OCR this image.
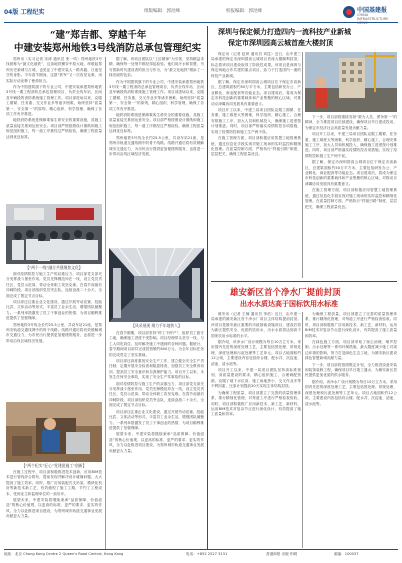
04版 工程纪实	组版编辑：郭昆峰	校报编辑：郭昆峰	中国基建报
CHINA INFRASTRUCTURE NEWS
“建”郑吉都、穿越千年
中建安装郑州地铁3号线消防总承包管理纪实

郑州讯（实习记者 宋涛 通讯员 张一鸣）郑州地铁3号线被称为“最文化地铁”，这条地铁横穿中原大地，串联起郑州历史新城与古城，也见证了中建安装人一路奔跑、日夜坚守的身影。今年春节期间，这群“铁军”又一次攻坚克难，用实际行动诠释了使命担当。

作为中国建筑旗下的专业公司，中建安装承建郑州地铁3号线一期工程消防总承包管理项目，负责全线车站、区间及车辆段的消防系统施工管理工作。项目部进场以来，克服工期紧、任务重、交叉作业多等诸多困难，始终坚持“质量第一、安全第一”的原则，精心组织、科学管理，确保了各项工作有序推进。

地铁消防系统是保障乘客生命安全的重要设施，其施工质量直接关系到运营安全。项目部严格按照设计图纸和施工规范组织施工，每一道工序都经过严格检验，确保工程质量达到优良标准。

【“两个一线”融合共建聚焦文化】

面对疫情防控与施工生产的双重压力，项目部党支部充分发挥战斗堡垒作用，党员先锋模范冲在一线，设立党员责任区、党员示范岗，带动全体职工攻坚克难。在春节前最后冲刺阶段，项目部组织党员突击队，连续奋战二十余天，全面完成了既定节点目标。

项目部还注重企业文化建设，通过开展劳动竞赛、技能比武、文体活动等形式，丰富员工业余生活，增强团队凝聚力。一系列举措激发了员工干事创业的热情，为项目顺利推进提供了坚强保障。

郑州地铁3号线全长约25.5公里，共设车站21座，是郑州市轨道交通线网中的骨干线路。线路开通后将有效缓解城市交通压力，为市民出行提供更加便捷的服务，也将进一步带动沿线区域经济发展。

【“两个纪实”匠心”党建促施工”创新】

在施工过程中，项目部积极推进技术创新，应用BIM技术进行管线综合排布，提前发现并解决设计碰撞问题，大大提高了施工效率。同时，推广应用装配式支吊架、模块化机房等新技术新工艺，有效缩短了施工工期，节约了工程成本，受到业主和监理单位的一致好评。

展望未来，中建安装将继续秉承“品质保障、价值创造”的核心价值观，以更高的标准、更严的要求、更实的作风，全力以赴推进项目建设，为郑州城市轨道交通事业发展贡献更大力量。

据了解，该项目团队以“工匠精神”为引领，坚持精益求精，确保每一处细节都经得起检验。他们用汗水和智慧，书写着新时代建设者的担当与作为，为“最文化地铁”增添了一抹亮丽的色彩。

作为中国建筑旗下的专业公司，中建安装承建郑州地铁3号线一期工程消防总承包管理项目，负责全线车站、区间及车辆段的消防系统施工管理工作。项目部进场以来，克服工期紧、任务重、交叉作业多等诸多困难，始终坚持“质量第一、安全第一”的原则，精心组织、科学管理，确保了各项工作有序推进。

地铁消防系统是保障乘客生命安全的重要设施，其施工质量直接关系到运营安全。项目部严格按照设计图纸和施工规范组织施工，每一道工序都经过严格检验，确保工程质量达到优良标准。

郑州地铁3号线全长约25.5公里，共设车站21座，是郑州市轨道交通线网中的骨干线路。线路开通后将有效缓解城市交通压力，为市民出行提供更加便捷的服务，也将进一步带动沿线区域经济发展。

【风采展现 聚力千年地铁人】

在春节假期，项目部坚持“停工不停产”，组织员工留守工地，确保施工进度不受影响。项目经理带头坚守一线，与工人同吃同住，及时解决施工中遇到的各种问题。据统计，春节期间项目部共完成投资额约800万元，为全年目标任务的完成奠定了坚实基础。

项目部还高度重视安全生产工作，建立健全安全生产责任制，定期开展安全检查和隐患排查，加强员工安全教育培训，提高员工安全意识和自我保护能力。项目开工以来，未发生任何安全事故，实现了安全生产零事故的目标。

面对疫情防控与施工生产的双重压力，项目部党支部充分发挥战斗堡垒作用，党员先锋模范冲在一线，设立党员责任区、党员示范岗，带动全体职工攻坚克难。在春节前最后冲刺阶段，项目部组织党员突击队，连续奋战二十余天，全面完成了既定节点目标。

项目部还注重企业文化建设，通过开展劳动竞赛、技能比武、文体活动等形式，丰富员工业余生活，增强团队凝聚力。一系列举措激发了员工干事创业的热情，为项目顺利推进提供了坚强保障。

展望未来，中建安装将继续秉承“品质保障、价值创造”的核心价值观，以更高的标准、更严的要求、更实的作风，全力以赴推进项目建设，为郑州城市轨道交通事业发展贡献更大力量。

深圳与保定倾力打造四内一流科技产业新城
保定市深圳园高云城首座大楼封顶

保定讯（记者 赵妍 通讯员 刘昆）近日，由中建三局承建的保定市深圳园高云城项目首座大楼顺利封顶，标志着该项目建设取得了阶段性成果。该项目是深圳与保定两地合作共建的重点项目，致力于打造国内一流的科技产业新城。

据了解，保定市深圳园高云城项目位于保定市高新区，总建筑面积约50万平方米，主要包括研发办公、产业孵化、商业配套等功能业态。项目建成后，将成为保定市科技创新的重要载体和产业集聚的核心区域，对推动京津冀协同发展具有重要意义。

项目开工以来，中建三局项目团队克服工期紧、任务重、施工难度大等困难，科学组织、精心施工，合理安排施工工序，加大人员和机械投入，确保施工进度按计划推进。同时，项目部严格落实疫情防控各项措施，实现了疫情防控和施工生产两不误。

在施工管理方面，项目部积极应用智慧工地管理系统，通过信息化手段实现对施工现场的实时监控和精细化管理。在质量控制方面，严格执行“样板引路”制度，层层把关，确保工程质量优良。

下一步，项目部将继续发扬“敢为人先、勇争第一”的精神，全力推进项目后续建设，确保项目早日建成投用，为保定市经济社会高质量发展贡献力量。

项目开工以来，中建三局项目团队克服工期紧、任务重、施工难度大等困难，科学组织、精心施工，合理安排施工工序，加大人员和机械投入，确保施工进度按计划推进。同时，项目部严格落实疫情防控各项措施，实现了疫情防控和施工生产两不误。

据了解，保定市深圳园高云城项目位于保定市高新区，总建筑面积约50万平方米，主要包括研发办公、产业孵化、商业配套等功能业态。项目建成后，将成为保定市科技创新的重要载体和产业集聚的核心区域，对推动京津冀协同发展具有重要意义。

在施工管理方面，项目部积极应用智慧工地管理系统，通过信息化手段实现对施工现场的实时监控和精细化管理。在质量控制方面，严格执行“样板引路”制度，层层把关，确保工程质量优良。

雄安新区首个净水厂提前封顶
出水水质达高于国标饮用水标准

雄安讯（记者 王楠 通讯员 李浩）近日，由中建一局承建的雄安新区首个净水厂项目主体结构提前封顶。该项目是雄安新区重要的市政基础设施项目，建成后将为新区提供安全、优质的饮用水，出水水质将达到高于国家饮用水标准的水平。

据介绍，该净水厂设计规模为每日10万立方米，采用国内先进的深度处理工艺，主要包括预处理、常规处理、深度处理和污泥处理等工艺单元。项目占地面积约12公顷，主要建设内容包括综合楼、配水井、沉淀池、滤池、清水池等。

项目开工以来，中建一局项目团队坚持高标准规划、高质量建设的要求，精心组织施工，合理调配资源，克服了地下水位高、施工场地狭小、交叉作业多等不利因素，比原计划提前20天实现主体结构封顶。

为确保工程质量，项目部建立了完善的质量管理体系，推行精细化管理，对每道工序进行严格检查验收。同时，项目部积极推广应用新技术、新工艺、新材料，运用BIM技术对复杂节点进行深化设计，有效提高了施工质量和效率。

为确保工程质量，项目部建立了完善的质量管理体系，推行精细化管理，对每道工序进行严格检查验收。同时，项目部积极推广应用新技术、新工艺、新材料，运用BIM技术对复杂节点进行深化设计，有效提高了施工质量和效率。

在绿色施工方面，项目部采取了扬尘治理、噪声控制、污水处理等一系列环保措施，最大限度减少施工对周边环境的影响，努力打造绿色生态工地，为雄安新区建设绿色智慧新城贡献力量。

下一步，项目部将按照既定计划，全力推进设备安装和装饰装修工程，确保项目早日竣工通水，为雄安新区居民提供更加优质的供水服务。

据介绍，该净水厂设计规模为每日10万立方米，采用国内先进的深度处理工艺，主要包括预处理、常规处理、深度处理和污泥处理等工艺单元。项目占地面积约12公顷，主要建设内容包括综合楼、配水井、沉淀池、滤池、清水池等。

地址：北京 Chong Kong Centre 2 Queen's Road Central, Hong Kong	电话：+852 2527 3131	香港商报 出版 印刷	邮编：100037
